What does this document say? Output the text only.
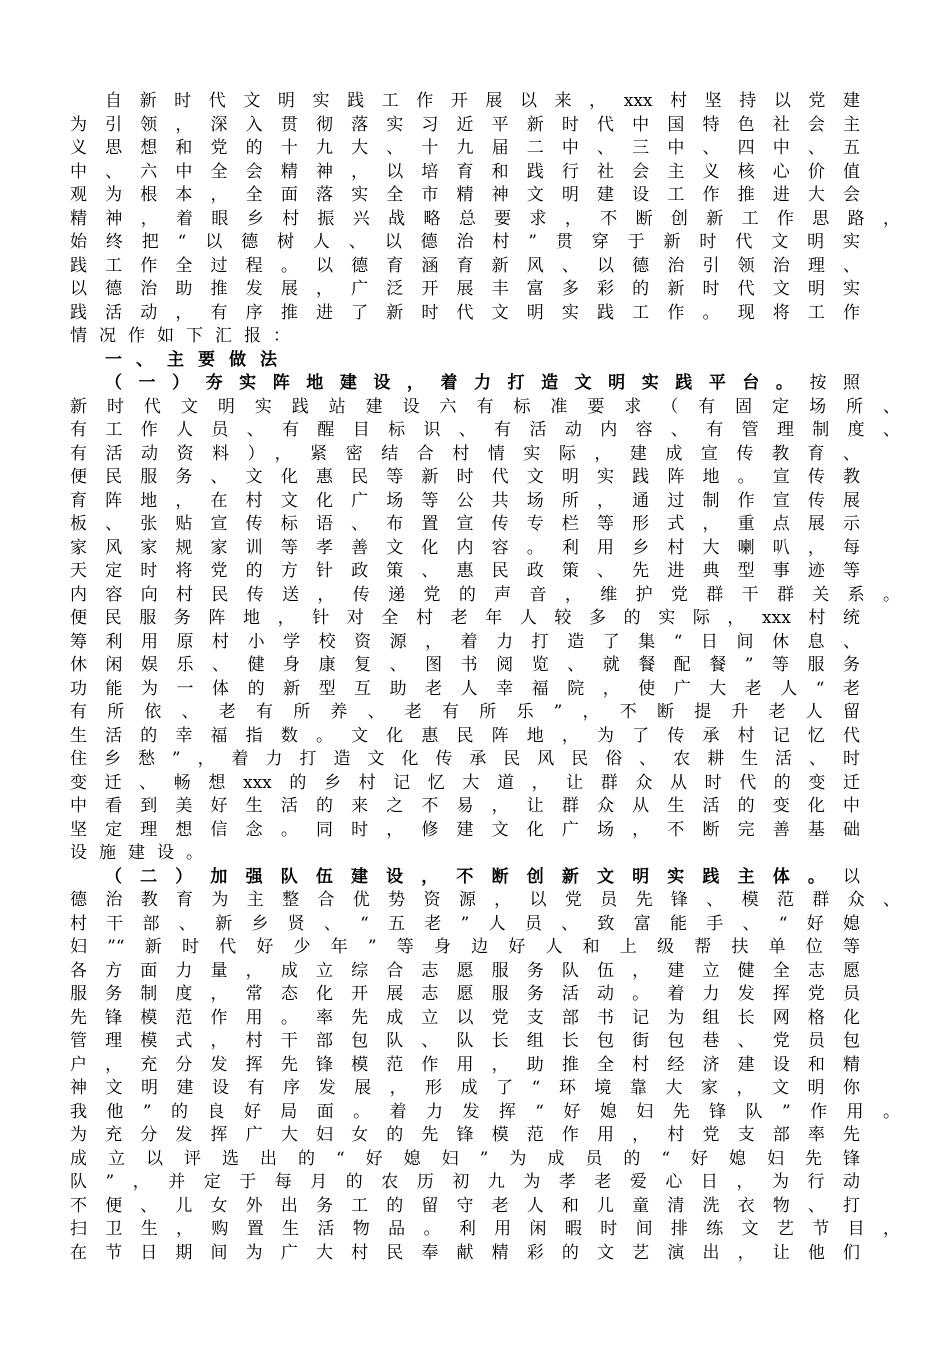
自新时代文明实践工作开展以来，xxx村坚持以党建
为引领，深入贯彻落实习近平新时代中国特色社会主
义思想和党的十九大、十九届二中、三中、四中、五
中、六中全会精神，以培育和践行社会主义核心价值
观为根本，全面落实全市精神文明建设工作推进大会
精神，着眼乡村振兴战略总要求，不断创新工作思路，
始终把“以德树人、以德治村”贯穿于新时代文明实
践工作全过程。以德育涵育新风、以德治引领治理、
以德治助推发展，广泛开展丰富多彩的新时代文明实
践活动，有序推进了新时代文明实践工作。现将工作
情况作如下汇报：
一、主要做法
（一）夯实阵地建设，着力打造文明实践平台。按照
新时代文明实践站建设六有标准要求（有固定场所、
有工作人员、有醒目标识、有活动内容、有管理制度、
有活动资料），紧密结合村情实际，建成宣传教育、
便民服务、文化惠民等新时代文明实践阵地。宣传教
育阵地，在村文化广场等公共场所，通过制作宣传展
板、张贴宣传标语、布置宣传专栏等形式，重点展示
家风家规家训等孝善文化内容。利用乡村大喇叭，每
天定时将党的方针政策、惠民政策、先进典型事迹等
内容向村民传送，传递党的声音，维护党群干群关系。
便民服务阵地，针对全村老年人较多的实际，xxx村统
筹利用原村小学校资源，着力打造了集“日间休息、
休闲娱乐、健身康复、图书阅览、就餐配餐”等服务
功能为一体的新型互助老人幸福院，使广大老人“老
有所依、老有所养、老有所乐”，不断提升老人留
生活的幸福指数。文化惠民阵地，为了传承村记忆代
住乡愁”，着力打造文化传承民风民俗、农耕生活、时
变迁、畅想xxx的乡村记忆大道，让群众从时代的变迁
中看到美好生活的来之不易，让群众从生活的变化中
坚定理想信念。同时，修建文化广场，不断完善基础
设施建设。
（二）加强队伍建设，不断创新文明实践主体。以
德治教育为主整合优势资源，以党员先锋、模范群众、
村干部、新乡贤、“五老”人员、致富能手、“好媳
妇”“新时代好少年”等身边好人和上级帮扶单位等
各方面力量，成立综合志愿服务队伍，建立健全志愿
服务制度，常态化开展志愿服务活动。着力发挥党员
先锋模范作用。率先成立以党支部书记为组长网格化
管理模式，村干部包队、队长组长包街包巷、党员包
户，充分发挥先锋模范作用，助推全村经济建设和精
神文明建设有序发展，形成了“环境靠大家，文明你
我他”的良好局面。着力发挥“好媳妇先锋队”作用。
为充分发挥广大妇女的先锋模范作用，村党支部率先
成立以评选出的“好媳妇”为成员的“好媳妇先锋
队”，并定于每月的农历初九为孝老爱心日，为行动
不便、儿女外出务工的留守老人和儿童清洗衣物、打
扫卫生，购置生活物品。利用闲暇时间排练文艺节目，
在节日期间为广大村民奉献精彩的文艺演出，让他们
